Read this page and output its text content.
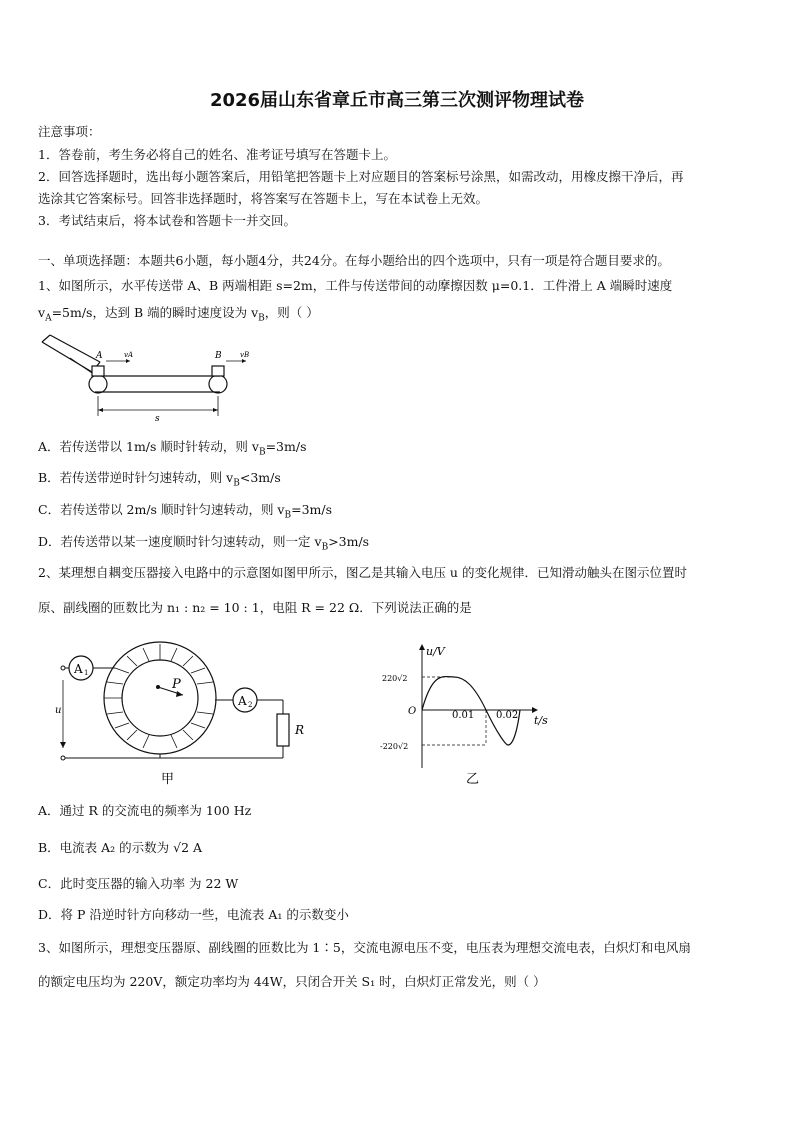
2026届山东省章丘市高三第三次测评物理试卷
注意事项：
1．答卷前，考生务必将自己的姓名、准考证号填写在答题卡上。
2．回答选择题时，选出每小题答案后，用铅笔把答题卡上对应题目的答案标号涂黑，如需改动，用橡皮擦干净后，再
选涂其它答案标号。回答非选择题时，将答案写在答题卡上，写在本试卷上无效。
3．考试结束后，将本试卷和答题卡一并交回。
一、单项选择题：本题共6小题，每小题4分，共24分。在每小题给出的四个选项中，只有一项是符合题目要求的。
1、如图所示，水平传送带 A、B 两端相距 s=2m，工件与传送带间的动摩擦因数 μ=0.1．工件滑上 A 端瞬时速度
$v_A=5m/s$，达到 B 端的瞬时速度设为 $v_B$，则（ ）
A	B
vA	vB
s
A．若传送带以 1m/s 顺时针转动，则 $v_B=3m/s$
B．若传送带逆时针匀速转动，则 $v_B<3m/s$
C．若传送带以 2m/s 顺时针匀速转动，则 $v_B=3m/s$
D．若传送带以某一速度顺时针匀速转动，则一定 $v_B>3m/s$
2、某理想自耦变压器接入电路中的示意图如图甲所示，图乙是其输入电压 u 的变化规律．已知滑动触头在图示位置时
原、副线圈的匝数比为 n₁ : n₂ = 10 : 1，电阻 R = 22 Ω．下列说法正确的是
A 1
u
P
A 2
R
甲
u/V
t/s
O
220√2
-220√2
0.01 0.02
乙
A．通过 R 的交流电的频率为 100 Hz
B．电流表 A₂ 的示数为 √2 A
C．此时变压器的输入功率 为 22 W
D．将 P 沿逆时针方向移动一些，电流表 A₁ 的示数变小
3、如图所示，理想变压器原、副线圈的匝数比为 1∶5，交流电源电压不变，电压表为理想交流电表，白炽灯和电风扇
的额定电压均为 220V，额定功率均为 44W，只闭合开关 S₁ 时，白炽灯正常发光，则（ ）
